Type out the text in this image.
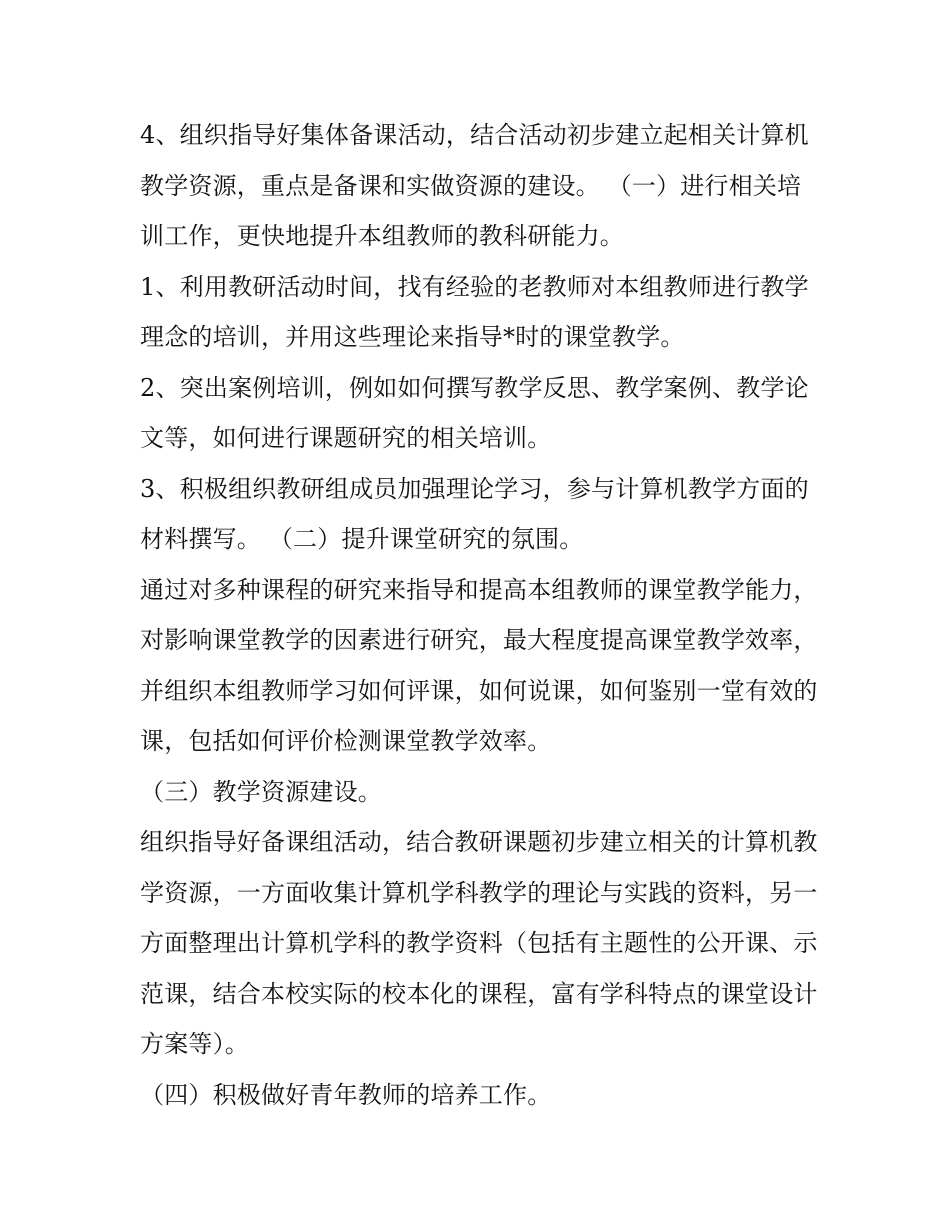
4、组织指导好集体备课活动，结合活动初步建立起相关计算机教学资源，重点是备课和实做资源的建设。 （一）进行相关培训工作，更快地提升本组教师的教科研能力。

1、利用教研活动时间，找有经验的老教师对本组教师进行教学理念的培训，并用这些理论来指导*时的课堂教学。

2、突出案例培训，例如如何撰写教学反思、教学案例、教学论文等，如何进行课题研究的相关培训。

3、积极组织教研组成员加强理论学习，参与计算机教学方面的材料撰写。 （二）提升课堂研究的氛围。

通过对多种课程的研究来指导和提高本组教师的课堂教学能力，对影响课堂教学的因素进行研究，最大程度提高课堂教学效率，并组织本组教师学习如何评课，如何说课，如何鉴别一堂有效的课，包括如何评价检测课堂教学效率。

（三）教学资源建设。

组织指导好备课组活动，结合教研课题初步建立相关的计算机教学资源，一方面收集计算机学科教学的理论与实践的资料，另一方面整理出计算机学科的教学资料（包括有主题性的公开课、示范课，结合本校实际的校本化的课程，富有学科特点的课堂设计方案等）。

（四）积极做好青年教师的培养工作。
